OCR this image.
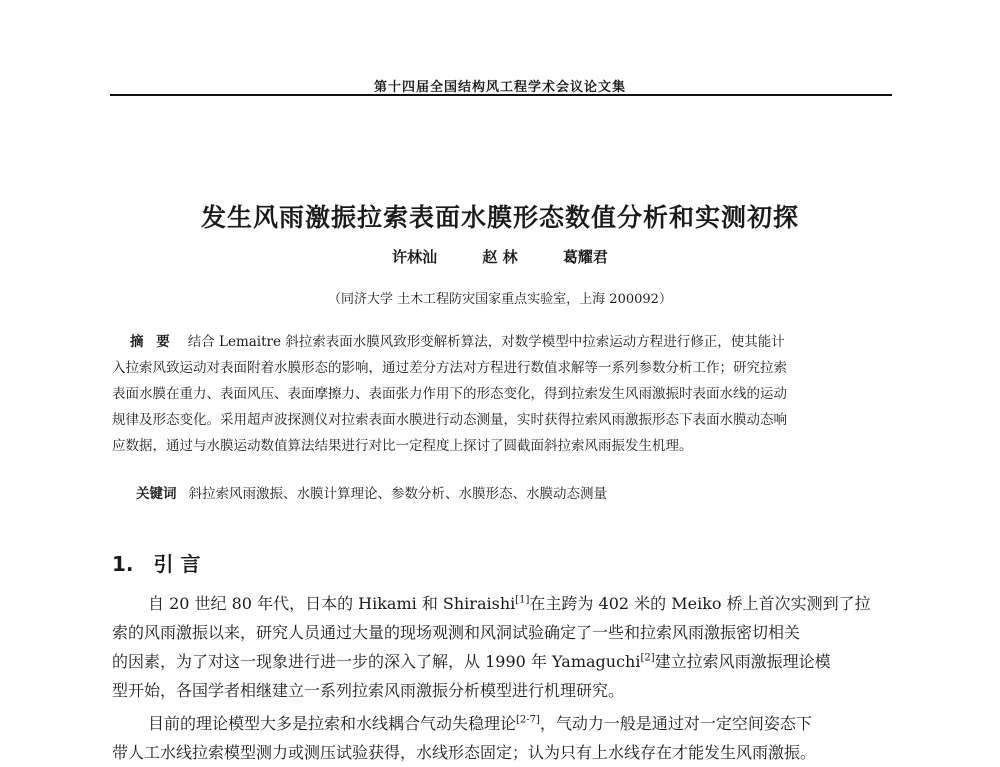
第十四届全国结构风工程学术会议论文集
发生风雨激振拉索表面水膜形态数值分析和实测初探
许林汕	赵 林	葛耀君
（同济大学 土木工程防灾国家重点实验室，上海 200092）

摘 要 结合 Lemaitre 斜拉索表面水膜风致形变解析算法，对数学模型中拉索运动方程进行修正，使其能计
入拉索风致运动对表面附着水膜形态的影响，通过差分方法对方程进行数值求解等一系列参数分析工作；研究拉索
表面水膜在重力、表面风压、表面摩擦力、表面张力作用下的形态变化，得到拉索发生风雨激振时表面水线的运动
规律及形态变化。采用超声波探测仪对拉索表面水膜进行动态测量，实时获得拉索风雨激振形态下表面水膜动态响
应数据，通过与水膜运动数值算法结果进行对比一定程度上探讨了圆截面斜拉索风雨振发生机理。

关键词 斜拉索风雨激振、水膜计算理论、参数分析、水膜形态、水膜动态测量
1. 引 言

自 20 世纪 80 年代，日本的 Hikami 和 Shiraishi[1]在主跨为 402 米的 Meiko 桥上首次实测到了拉
索的风雨激振以来，研究人员通过大量的现场观测和风洞试验确定了一些和拉索风雨激振密切相关
的因素，为了对这一现象进行进一步的深入了解，从 1990 年 Yamaguchi[2]建立拉索风雨激振理论模
型开始，各国学者相继建立一系列拉索风雨激振分析模型进行机理研究。

目前的理论模型大多是拉索和水线耦合气动失稳理论[2-7]，气动力一般是通过对一定空间姿态下
带人工水线拉索模型测力或测压试验获得，水线形态固定；认为只有上水线存在才能发生风雨激振。
